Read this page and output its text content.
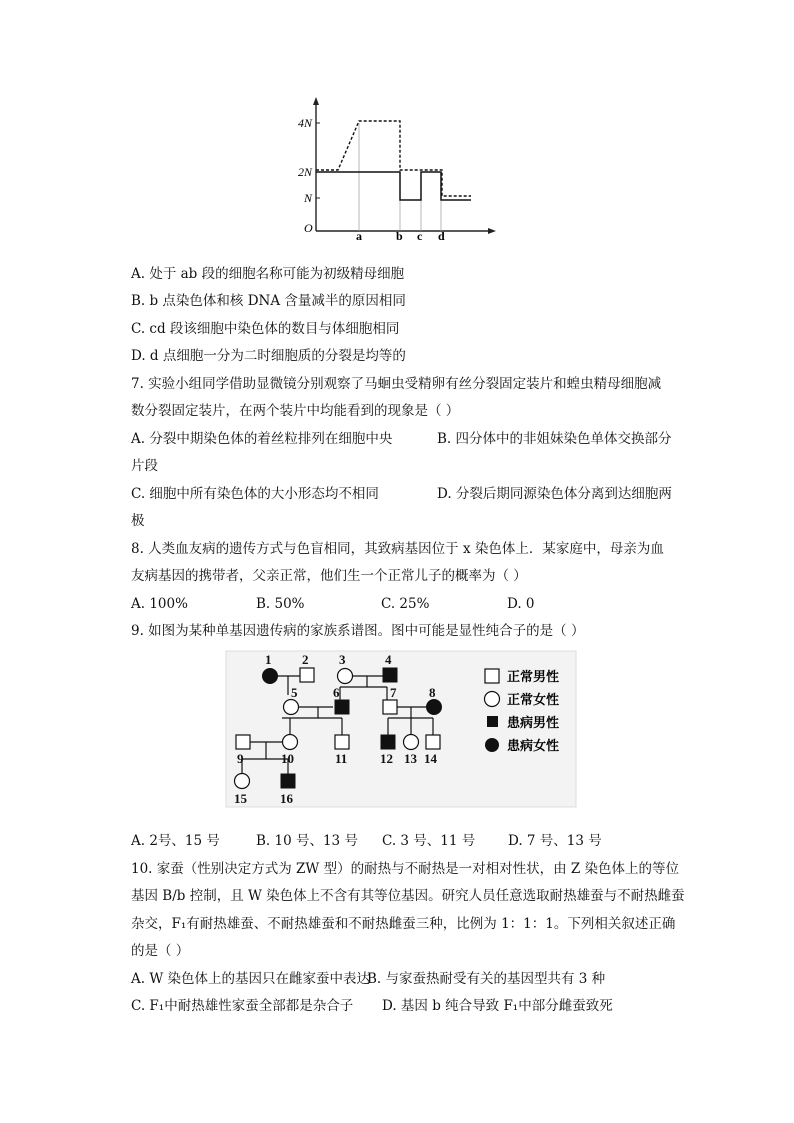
4N
2N
N
O
a	b c d
A. 处于 ab 段的细胞名称可能为初级精母细胞
B. b 点染色体和核 DNA 含量减半的原因相同
C. cd 段该细胞中染色体的数目与体细胞相同
D. d 点细胞一分为二时细胞质的分裂是均等的
7. 实验小组同学借助显微镜分别观察了马蛔虫受精卵有丝分裂固定装片和蝗虫精母细胞减
数分裂固定装片，在两个装片中均能看到的现象是（ ）
A. 分裂中期染色体的着丝粒排列在细胞中央	B. 四分体中的非姐妹染色单体交换部分
片段
C. 细胞中所有染色体的大小形态均不相同	D. 分裂后期同源染色体分离到达细胞两
极
8. 人类血友病的遗传方式与色盲相同，其致病基因位于 x 染色体上．某家庭中，母亲为血
友病基因的携带者，父亲正常，他们生一个正常儿子的概率为（ ）
A. 100%	B. 50%	C. 25%	D. 0
9. 如图为某种单基因遗传病的家族系谱图。图中可能是显性纯合子的是（ ）
1 2 3	4
5	6	7	8
9	10	11	12 13 14
15	16
正常男性
正常女性
患病男性
患病女性
A. 2号、15 号	B. 10 号、13 号 C. 3 号、11 号 D. 7 号、13 号
10. 家蚕（性别决定方式为 ZW 型）的耐热与不耐热是一对相对性状，由 Z 染色体上的等位
基因 B/b 控制，且 W 染色体上不含有其等位基因。研究人员任意选取耐热雄蚕与不耐热雌蚕
杂交，F₁有耐热雄蚕、不耐热雄蚕和不耐热雌蚕三种，比例为 1：1：1。下列相关叙述正确
的是（ ）
A. W 染色体上的基因只在雌家蚕中表达
B. 与家蚕热耐受有关的基因型共有 3 种
C. F₁中耐热雄性家蚕全部都是杂合子 D. 基因 b 纯合导致 F₁中部分雌蚕致死
